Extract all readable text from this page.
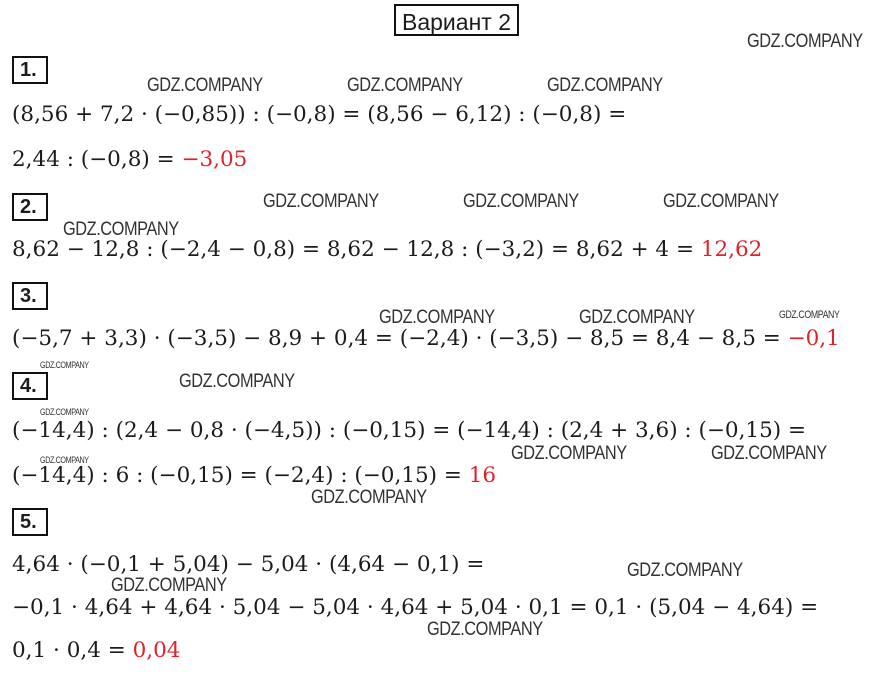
Вариант 2
1.
(8,56 + 7,2 · (−0,85)) : (−0,8) = (8,56 − 6,12) : (−0,8) =
2,44 : (−0,8) = −3,05
2.
8,62 − 12,8 : (−2,4 − 0,8) = 8,62 − 12,8 : (−3,2) = 8,62 + 4 = 12,62
3.
(−5,7 + 3,3) · (−3,5) − 8,9 + 0,4 = (−2,4) · (−3,5) − 8,5 = 8,4 − 8,5 = −0,1
4.
(−14,4) : (2,4 − 0,8 · (−4,5)) : (−0,15) = (−14,4) : (2,4 + 3,6) : (−0,15) =
(−14,4) : 6 : (−0,15) = (−2,4) : (−0,15) = 16
5.
4,64 · (−0,1 + 5,04) − 5,04 · (4,64 − 0,1) =
−0,1 · 4,64 + 4,64 · 5,04 − 5,04 · 4,64 + 5,04 · 0,1 = 0,1 · (5,04 − 4,64) =
0,1 · 0,4 = 0,04
GDZ.COMPANY
GDZ.COMPANY	GDZ.COMPANY	GDZ.COMPANY
GDZ.COMPANY	GDZ.COMPANY	GDZ.COMPANY
GDZ.COMPANY
GDZ.COMPANY	GDZ.COMPANY	GDZ.COMPANY
GDZ.COMPANY
GDZ.COMPANY
GDZ.COMPANY
GDZ.COMPANY	GDZ.COMPANY	GDZ.COMPANY
GDZ.COMPANY
GDZ.COMPANY
GDZ.COMPANY
GDZ.COMPANY
